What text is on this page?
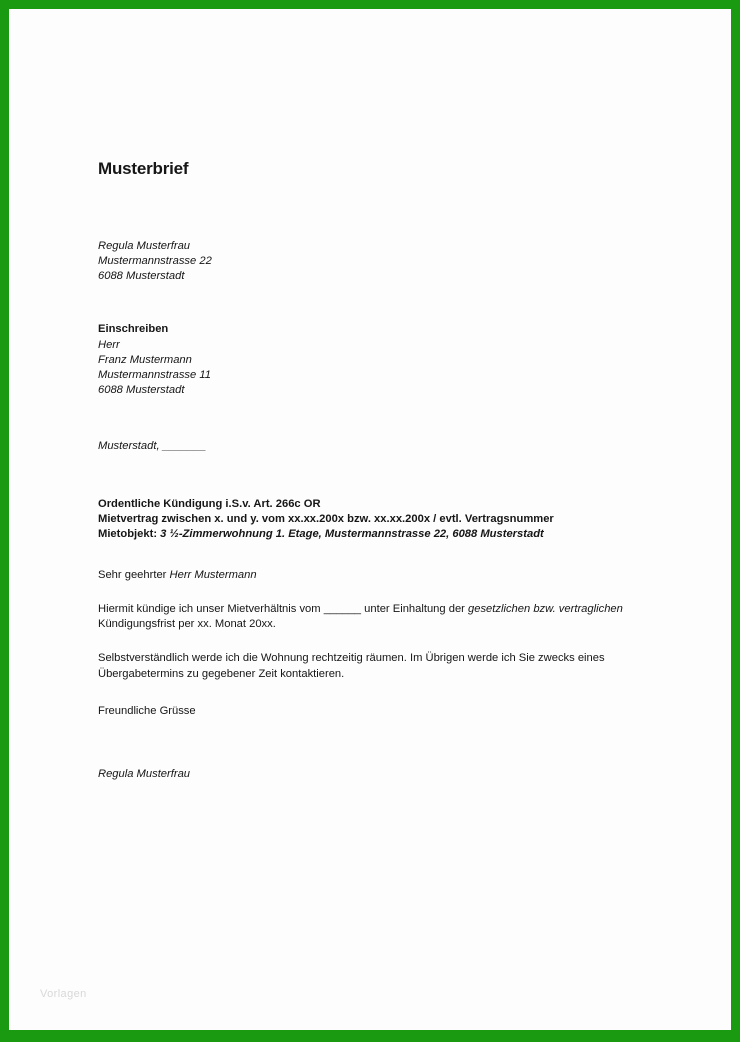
Musterbrief
Regula Musterfrau
Mustermannstrasse 22
6088 Musterstadt
Einschreiben
Herr
Franz Mustermann
Mustermannstrasse 11
6088 Musterstadt
Musterstadt, _______
Ordentliche Kündigung i.S.v. Art. 266c OR
Mietvertrag zwischen x. und y. vom xx.xx.200x bzw. xx.xx.200x / evtl. Vertragsnummer
Mietobjekt: 3 ½-Zimmerwohnung 1. Etage, Mustermannstrasse 22, 6088 Musterstadt
Sehr geehrter Herr Mustermann
Hiermit kündige ich unser Mietverhältnis vom ______ unter Einhaltung der gesetzlichen bzw. vertraglichen Kündigungsfrist per xx. Monat 20xx.
Selbstverständlich werde ich die Wohnung rechtzeitig räumen. Im Übrigen werde ich Sie zwecks eines Übergabetermins zu gegebener Zeit kontaktieren.
Freundliche Grüsse
Regula Musterfrau
Vorlagen
